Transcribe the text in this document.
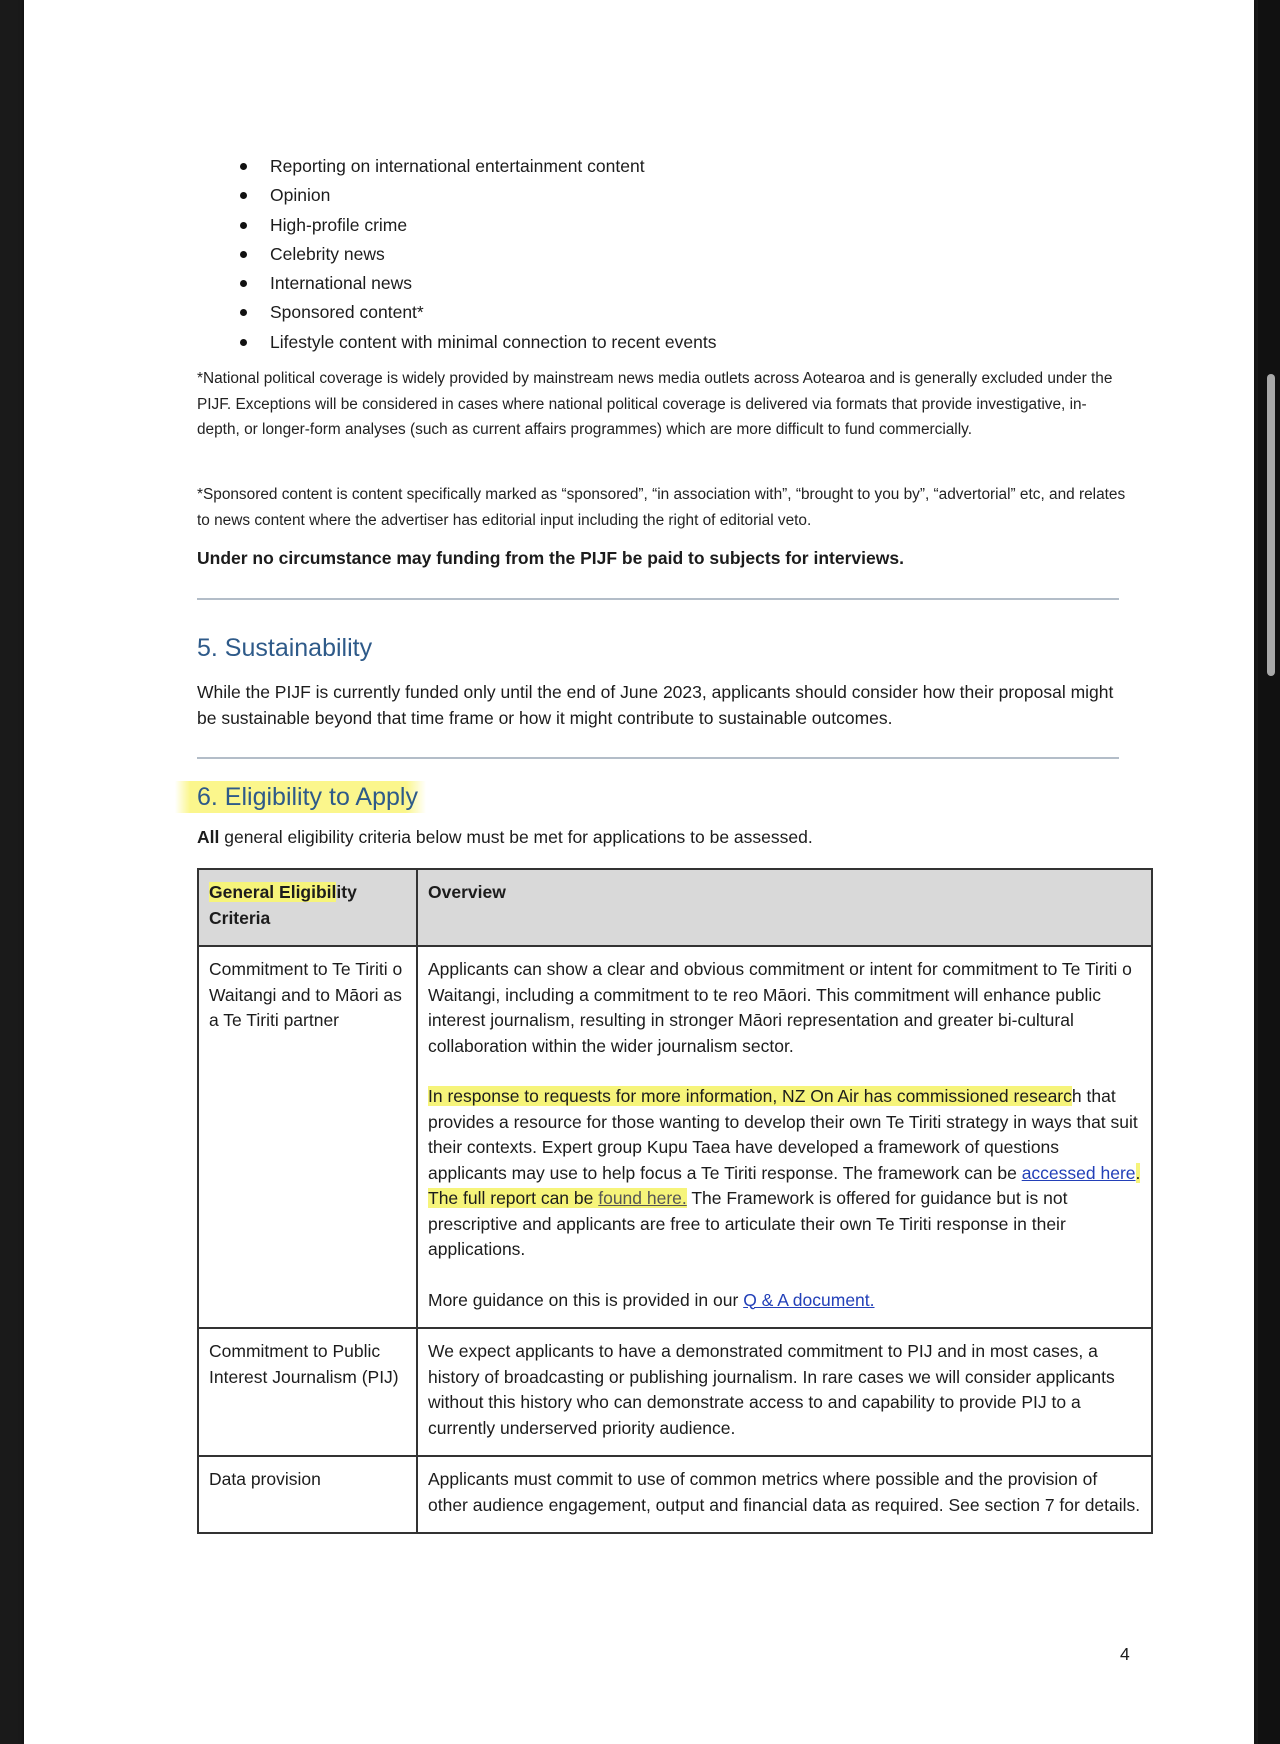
Reporting on international entertainment content
Opinion
High-profile crime
Celebrity news
International news
Sponsored content*
Lifestyle content with minimal connection to recent events

*National political coverage is widely provided by mainstream news media outlets across Aotearoa and is generally excluded under the PIJF. Exceptions will be considered in cases where national political coverage is delivered via formats that provide investigative, in-depth, or longer-form analyses (such as current affairs programmes) which are more difficult to fund commercially.

*Sponsored content is content specifically marked as “sponsored”, “in association with”, “brought to you by”, “advertorial” etc, and relates to news content where the advertiser has editorial input including the right of editorial veto.

Under no circumstance may funding from the PIJF be paid to subjects for interviews.

5. Sustainability

While the PIJF is currently funded only until the end of June 2023, applicants should consider how their proposal might be sustainable beyond that time frame or how it might contribute to sustainable outcomes.

6. Eligibility to Apply

All general eligibility criteria below must be met for applications to be assessed.

General Eligibility Criteria	Overview
Commitment to Te Tiriti o Waitangi and to Māori as a Te Tiriti partner	Applicants can show a clear and obvious commitment or intent for commitment to Te Tiriti o Waitangi, including a commitment to te reo Māori. This commitment will enhance public interest journalism, resulting in stronger Māori representation and greater bi-cultural collaboration within the wider journalism sector.
In response to requests for more information, NZ On Air has commissioned research that provides a resource for those wanting to develop their own Te Tiriti strategy in ways that suit their contexts. Expert group Kupu Taea have developed a framework of questions applicants may use to help focus a Te Tiriti response. The framework can be accessed here. The full report can be found here. The Framework is offered for guidance but is not prescriptive and applicants are free to articulate their own Te Tiriti response in their applications.
More guidance on this is provided in our Q & A document.

Commitment to Public Interest Journalism (PIJ)	We expect applicants to have a demonstrated commitment to PIJ and in most cases, a history of broadcasting or publishing journalism. In rare cases we will consider applicants without this history who can demonstrate access to and capability to provide PIJ to a currently underserved priority audience.
Data provision	Applicants must commit to use of common metrics where possible and the provision of other audience engagement, output and financial data as required. See section 7 for details.

4
